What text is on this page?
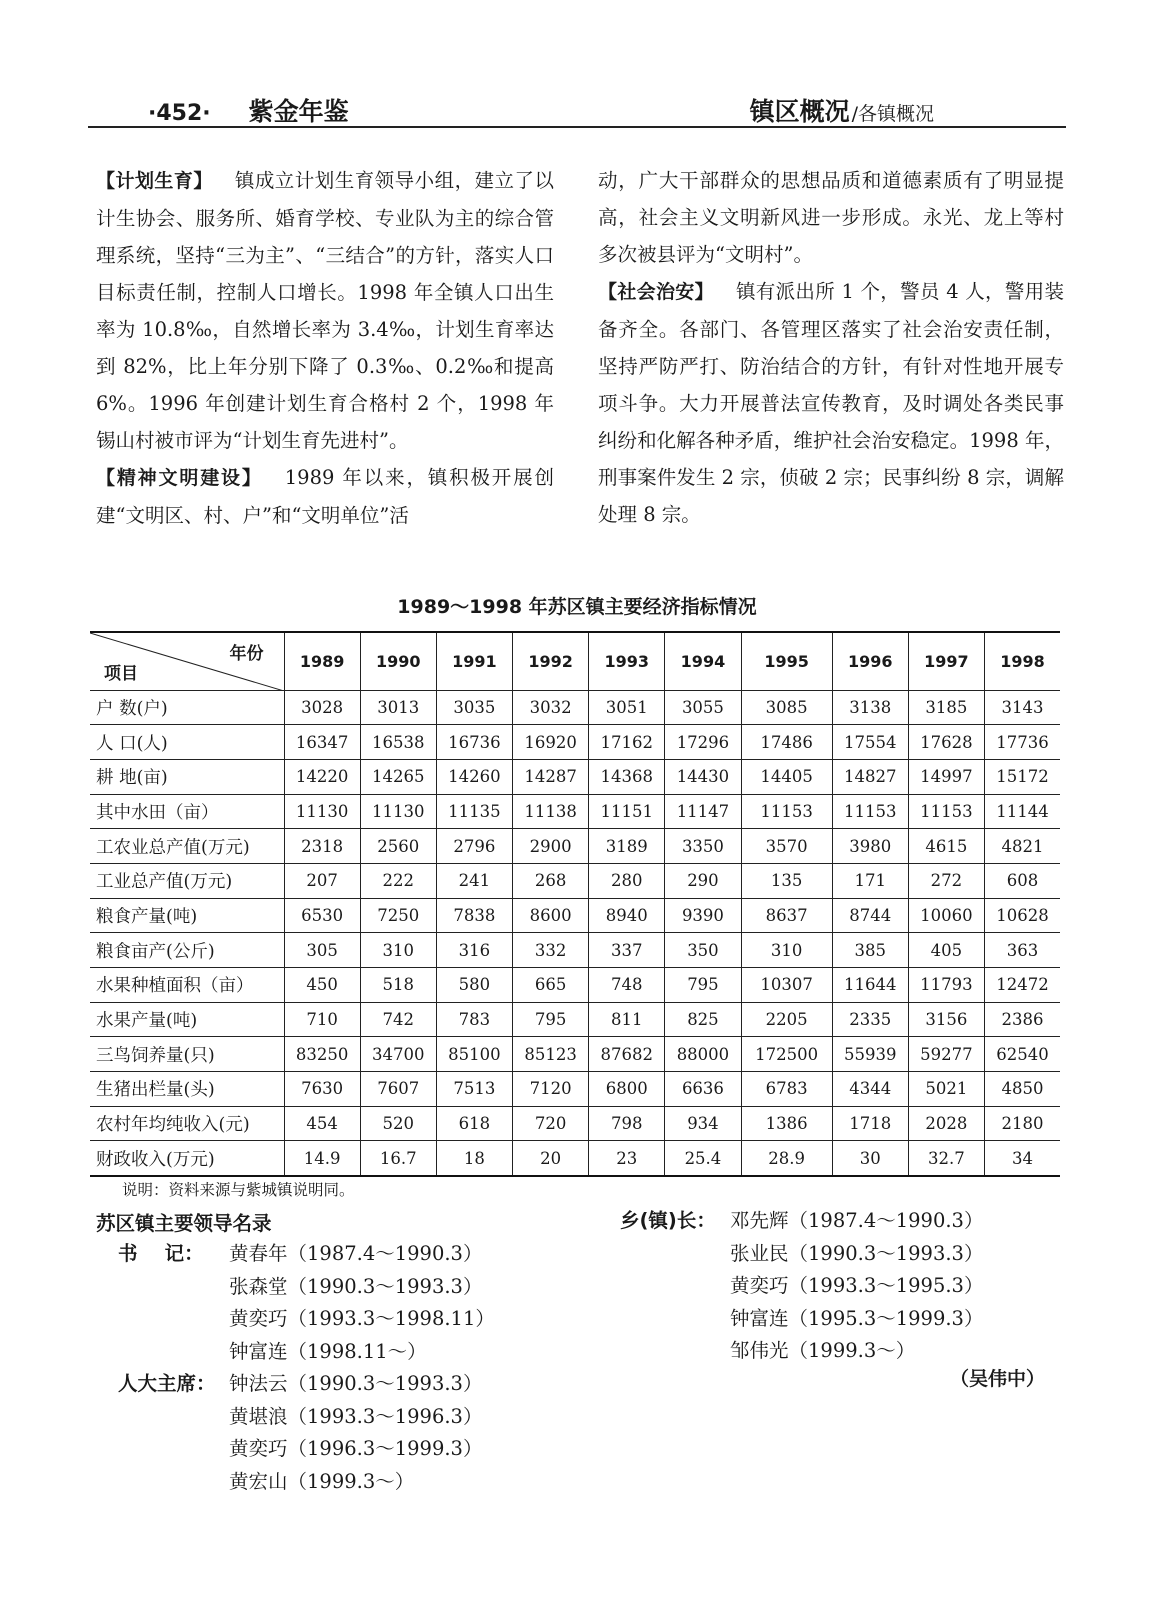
·452· 紫金年鉴	镇区概况 /各镇概况

【计划生育】 镇成立计划生育领导小组，建立了以计生协会、服务所、婚育学校、专业队为主的综合管理系统，坚持“三为主”、“三结合”的方针，落实人口目标责任制，控制人口增长。1998 年全镇人口出生率为 10.8‰，自然增长率为 3.4‰，计划生育率达到 82%，比上年分别下降了 0.3‰、0.2‰和提高 6%。1996 年创建计划生育合格村 2 个，1998 年锡山村被市评为“计划生育先进村”。

【精神文明建设】 1989 年以来，镇积极开展创建“文明区、村、户”和“文明单位”活

动，广大干部群众的思想品质和道德素质有了明显提高，社会主义文明新风进一步形成。永光、龙上等村多次被县评为“文明村”。

【社会治安】 镇有派出所 1 个，警员 4 人，警用装备齐全。各部门、各管理区落实了社会治安责任制，坚持严防严打、防治结合的方针，有针对性地开展专项斗争。大力开展普法宣传教育，及时调处各类民事纠纷和化解各种矛盾，维护社会治安稳定。1998 年，刑事案件发生 2 宗，侦破 2 宗；民事纠纷 8 宗，调解处理 8 宗。

1989～1998 年苏区镇主要经济指标情况
年份
项目	1989	1990	1991	1992	1993	1994	1995	1996	1997	1998
户 数(户)	3028	3013	3035	3032	3051	3055	3085	3138	3185	3143
人 口(人)	16347	16538	16736	16920	17162	17296	17486	17554	17628	17736
耕 地(亩)	14220	14265	14260	14287	14368	14430	14405	14827	14997	15172
其中水田（亩）	11130	11130	11135	11138	11151	11147	11153	11153	11153	11144
工农业总产值(万元)	2318	2560	2796	2900	3189	3350	3570	3980	4615	4821
工业总产值(万元)	207	222	241	268	280	290	135	171	272	608
粮食产量(吨)	6530	7250	7838	8600	8940	9390	8637	8744	10060	10628
粮食亩产(公斤)	305	310	316	332	337	350	310	385	405	363
水果种植面积（亩）	450	518	580	665	748	795	10307	11644	11793	12472
水果产量(吨)	710	742	783	795	811	825	2205	2335	3156	2386
三鸟饲养量(只)	83250	34700	85100	85123	87682	88000	172500	55939	59277	62540
生猪出栏量(头)	7630	7607	7513	7120	6800	6636	6783	4344	5021	4850
农村年均纯收入(元)	454	520	618	720	798	934	1386	1718	2028	2180
财政收入(万元)	14.9	16.7	18	20	23	25.4	28.9	30	32.7	34
说明：资料来源与紫城镇说明同。
苏区镇主要领导名录
书    记： 黄春年（1987.4～1990.3）
张森堂（1990.3～1993.3）
黄奕巧（1993.3～1998.11）
钟富连（1998.11～）
人大主席： 钟法云（1990.3～1993.3）
黄堪浪（1993.3～1996.3）
黄奕巧（1996.3～1999.3）
黄宏山（1999.3～）
乡(镇)长： 邓先辉（1987.4～1990.3）
张业民（1990.3～1993.3）
黄奕巧（1993.3～1995.3）
钟富连（1995.3～1999.3）
邹伟光（1999.3～）
（吴伟中）
